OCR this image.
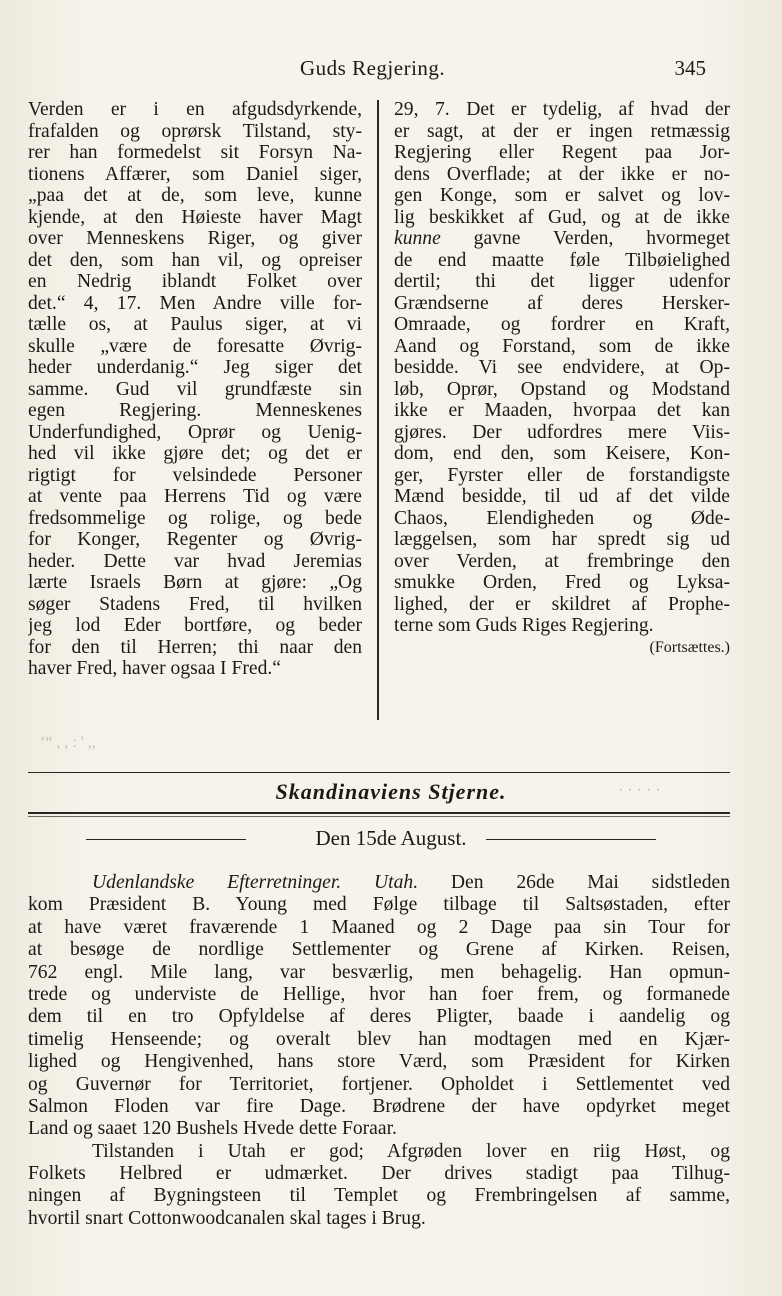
Guds Regjering.	345
Verden er i en afgudsdyrkende,
frafalden og oprørsk Tilstand, sty-
rer han formedelst sit Forsyn Na-
tionens Affærer, som Daniel siger,
„paa det at de, som leve, kunne
kjende, at den Høieste haver Magt
over Menneskens Riger, og giver
det den, som han vil, og opreiser
en Nedrig iblandt Folket over
det.“ 4, 17. Men Andre ville for-
tælle os, at Paulus siger, at vi
skulle „være de foresatte Øvrig-
heder underdanig.“ Jeg siger det
samme. Gud vil grundfæste sin
egen Regjering. Menneskenes
Underfundighed, Oprør og Uenig-
hed vil ikke gjøre det; og det er
rigtigt for velsindede Personer
at vente paa Herrens Tid og være
fredsommelige og rolige, og bede
for Konger, Regenter og Øvrig-
heder. Dette var hvad Jeremias
lærte Israels Børn at gjøre: „Og
søger Stadens Fred, til hvilken
jeg lod Eder bortføre, og beder
for den til Herren; thi naar den
haver Fred, haver ogsaa I Fred.“
29, 7. Det er tydelig, af hvad der
er sagt, at der er ingen retmæssig
Regjering eller Regent paa Jor-
dens Overflade; at der ikke er no-
gen Konge, som er salvet og lov-
lig beskikket af Gud, og at de ikke
kunne gavne Verden, hvormeget
de end maatte føle Tilbøielighed
dertil; thi det ligger udenfor
Grændserne af deres Hersker-
Omraade, og fordrer en Kraft,
Aand og Forstand, som de ikke
besidde. Vi see endvidere, at Op-
løb, Oprør, Opstand og Modstand
ikke er Maaden, hvorpaa det kan
gjøres. Der udfordres mere Viis-
dom, end den, som Keisere, Kon-
ger, Fyrster eller de forstandigste
Mænd besidde, til ud af det vilde
Chaos, Elendigheden og Øde-
læggelsen, som har spredt sig ud
over Verden, at frembringe den
smukke Orden, Fred og Lyksa-
lighed, der er skildret af Prophe-
terne som Guds Riges Regjering.
(Fortsættes.)
Skandinaviens Stjerne.
Den 15de August.
Udenlandske Efterretninger. Utah. Den 26de Mai sidstleden
kom Præsident B. Young med Følge tilbage til Saltsøstaden, efter
at have været fraværende 1 Maaned og 2 Dage paa sin Tour for
at besøge de nordlige Settlementer og Grene af Kirken. Reisen,
762 engl. Mile lang, var besværlig, men behagelig. Han opmun-
trede og underviste de Hellige, hvor han foer frem, og formanede
dem til en tro Opfyldelse af deres Pligter, baade i aandelig og
timelig Henseende; og overalt blev han modtagen med en Kjær-
lighed og Hengivenhed, hans store Værd, som Præsident for Kirken
og Guvernør for Territoriet, fortjener. Opholdet i Settlementet ved
Salmon Floden var fire Dage. Brødrene der have opdyrket meget
Land og saaet 120 Bushels Hvede dette Foraar.
Tilstanden i Utah er god; Afgrøden lover en riig Høst, og
Folkets Helbred er udmærket. Der drives stadigt paa Tilhug-
ningen af Bygningsteen til Templet og Frembringelsen af samme,
hvortil snart Cottonwoodcanalen skal tages i Brug.
‘“ , , : ' ,,
· · · · ·
